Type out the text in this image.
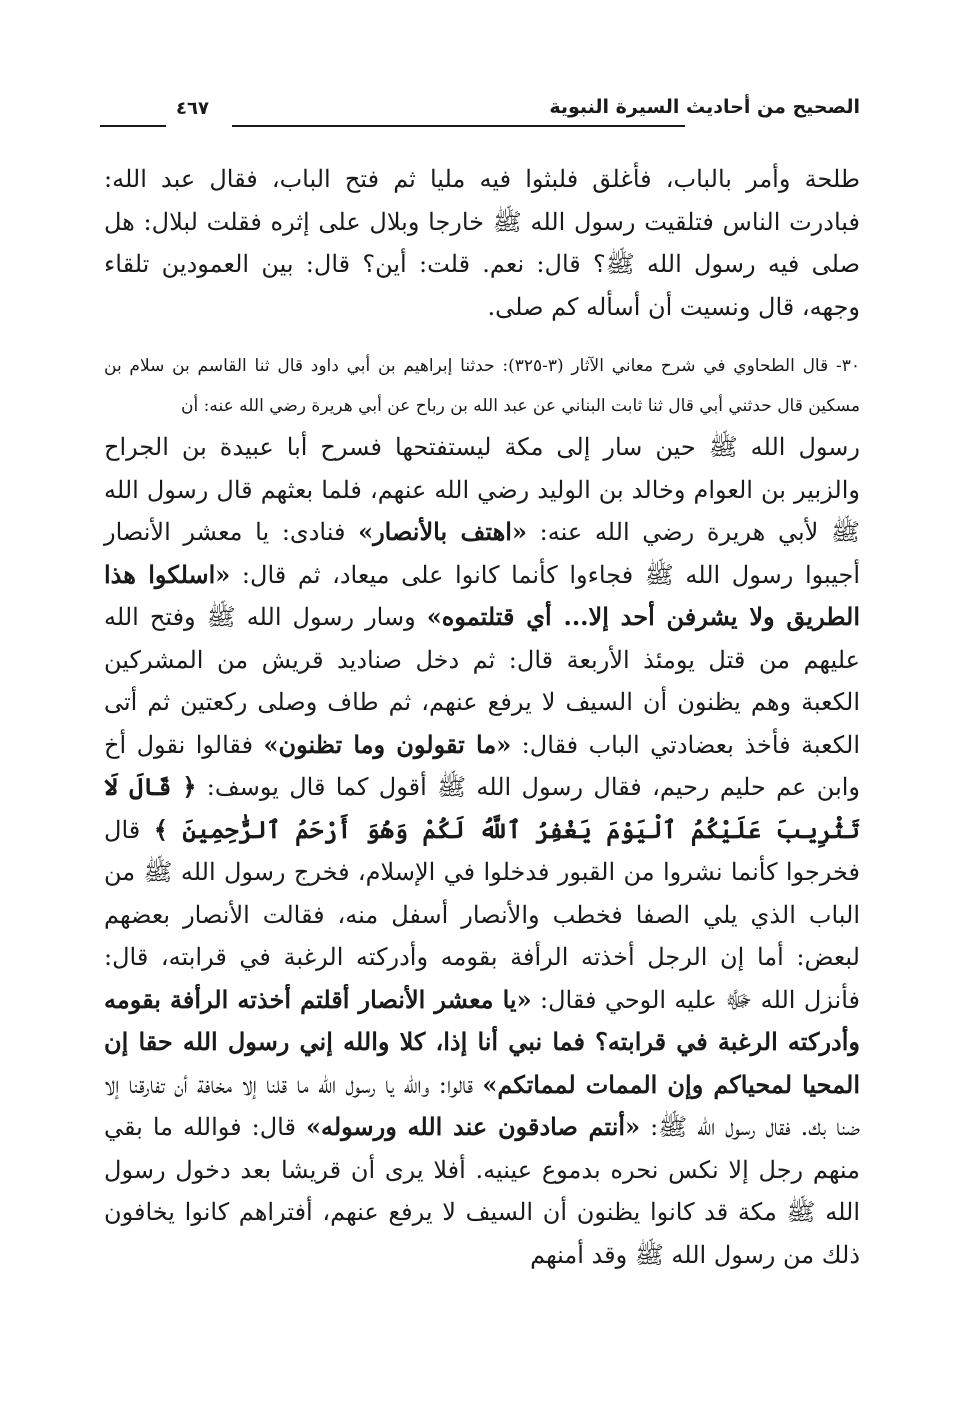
الصحيح من أحاديث السيرة النبوية
٤٦٧

طلحة وأمر بالباب، فأغلق فلبثوا فيه مليا ثم فتح الباب، فقال عبد الله: فبادرت الناس فتلقيت رسول الله ﷺ خارجا وبلال على إثره فقلت لبلال: هل صلى فيه رسول الله ﷺ؟ قال: نعم. قلت: أين؟ قال: بين العمودين تلقاء وجهه، قال ونسيت أن أسأله كم صلى.

٣٠- قال الطحاوي في شرح معاني الآثار (٣-٣٢٥): حدثنا إبراهيم بن أبي داود قال ثنا القاسم بن سلام بن مسكين قال حدثني أبي قال ثنا ثابت البناني عن عبد الله بن رباح عن أبي هريرة رضي الله عنه: أن

رسول الله ﷺ حين سار إلى مكة ليستفتحها فسرح أبا عبيدة بن الجراح والزبير بن العوام وخالد بن الوليد رضي الله عنهم، فلما بعثهم قال رسول الله ﷺ لأبي هريرة رضي الله عنه: «اهتف بالأنصار» فنادى: يا معشر الأنصار أجيبوا رسول الله ﷺ فجاءوا كأنما كانوا على ميعاد، ثم قال: «اسلكوا هذا الطريق ولا يشرفن أحد إلا... أي قتلتموه» وسار رسول الله ﷺ وفتح الله عليهم من قتل يومئذ الأربعة قال: ثم دخل صناديد قريش من المشركين الكعبة وهم يظنون أن السيف لا يرفع عنهم، ثم طاف وصلى ركعتين ثم أتى الكعبة فأخذ بعضادتي الباب فقال: «ما تقولون وما تظنون» فقالوا نقول أخ وابن عم حليم رحيم، فقال رسول الله ﷺ أقول كما قال يوسف: ﴿ قَالَ لَا تَثْرِيبَ عَلَيْكُمُ ٱلْيَوْمَ يَغْفِرُ ٱللَّهُ لَكُمْ وَهُوَ أَرْحَمُ ٱلرَّٰحِمِينَ ﴾ قال فخرجوا كأنما نشروا من القبور فدخلوا في الإسلام، فخرج رسول الله ﷺ من الباب الذي يلي الصفا فخطب والأنصار أسفل منه، فقالت الأنصار بعضهم لبعض: أما إن الرجل أخذته الرأفة بقومه وأدركته الرغبة في قرابته، قال: فأنزل الله ﷻ عليه الوحي فقال: «يا معشر الأنصار أقلتم أخذته الرأفة بقومه وأدركته الرغبة في قرابته؟ فما نبي أنا إذا، كلا والله إني رسول الله حقا إن المحيا لمحياكم وإن الممات لمماتكم» قالوا: والله يا رسول الله ما قلنا إلا مخافة أن تفارقنا إلا ضنا بك. فقال رسول الله ﷺ: «أنتم صادقون عند الله ورسوله» قال: فوالله ما بقي منهم رجل إلا نكس نحره بدموع عينيه. أفلا يرى أن قريشا بعد دخول رسول الله ﷺ مكة قد كانوا يظنون أن السيف لا يرفع عنهم، أفتراهم كانوا يخافون ذلك من رسول الله ﷺ وقد أمنهم
